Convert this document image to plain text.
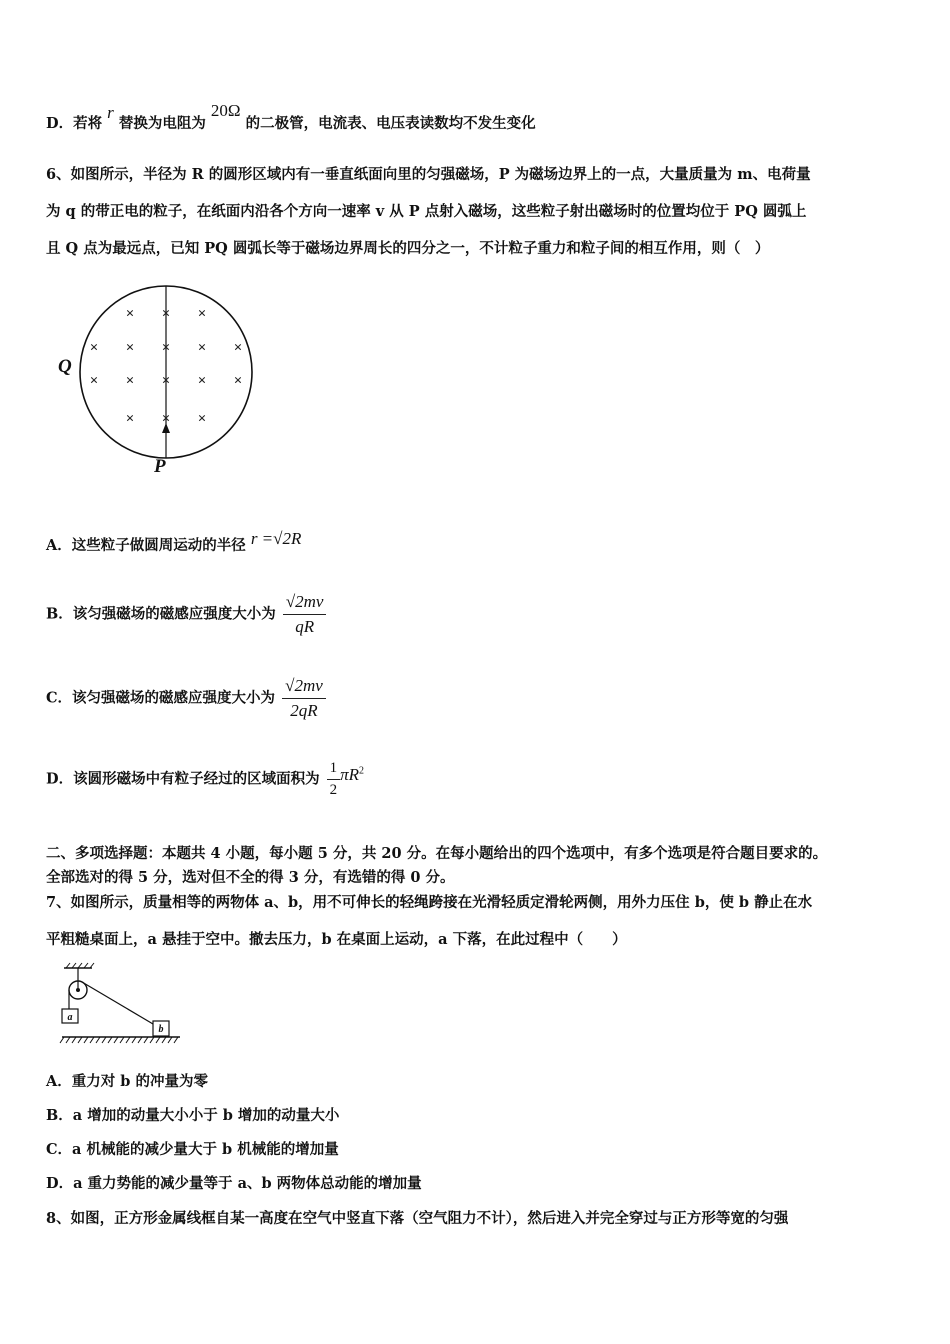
D．若将 r 替换为电阻为 20Ω 的二极管，电流表、电压表读数均不发生变化
6、如图所示，半径为 R 的圆形区域内有一垂直纸面向里的匀强磁场，P 为磁场边界上的一点，大量质量为 m、电荷量
为 q 的带正电的粒子，在纸面内沿各个方向一速率 v 从 P 点射入磁场，这些粒子射出磁场时的位置均位于 PQ 圆弧上
且 Q 点为最远点，已知 PQ 圆弧长等于磁场边界周长的四分之一，不计粒子重力和粒子间的相互作用，则（　）
× × ×
× × × × ×
× × × × ×
× × ×
Q
P
A．这些粒子做圆周运动的半径 r =√2R
B．该匀强磁场的磁感应强度大小为 $\frac{√2mv}{qR}$
C．该匀强磁场的磁感应强度大小为 $\frac{√2mv}{2qR}$
D．该圆形磁场中有粒子经过的区域面积为 $\frac{1}{2} \pi R^2$
二、多项选择题：本题共 4 小题，每小题 5 分，共 20 分。在每小题给出的四个选项中，有多个选项是符合题目要求的。
全部选对的得 5 分，选对但不全的得 3 分，有选错的得 0 分。
7、如图所示，质量相等的两物体 a、b，用不可伸长的轻绳跨接在光滑轻质定滑轮两侧，用外力压住 b，使 b 静止在水
平粗糙桌面上，a 悬挂于空中。撤去压力，b 在桌面上运动，a 下落，在此过程中（　　）
a
b
A．重力对 b 的冲量为零
B．a 增加的动量大小小于 b 增加的动量大小
C．a 机械能的减少量大于 b 机械能的增加量
D．a 重力势能的减少量等于 a、b 两物体总动能的增加量
8、如图，正方形金属线框自某一高度在空气中竖直下落（空气阻力不计），然后进入并完全穿过与正方形等宽的匀强
